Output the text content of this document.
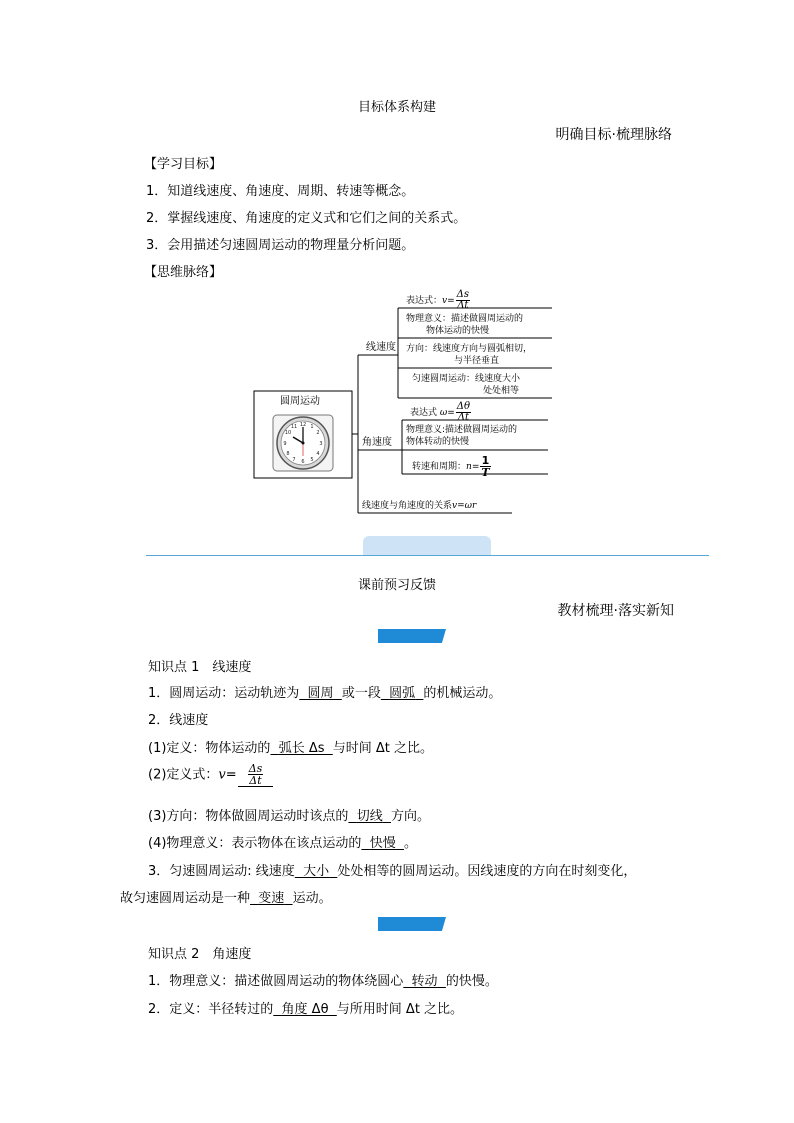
目标体系构建
明确目标·梳理脉络
【学习目标】
1．知道线速度、角速度、周期、转速等概念。
2．掌握线速度、角速度的定义式和它们之间的关系式。
3．会用描述匀速圆周运动的物理量分析问题。
【思维脉络】
12 1
2
3
4
5
6
7
8
9
10
11
圆周运动
线速度
表达式：$v= \frac{\Delta s}{\Delta t}$
物理意义：描述做圆周运动的
物体运动的快慢
方向：线速度方向与圆弧相切，
与半径垂直
匀速圆周运动：线速度大小
处处相等
角速度
表达式 $\omega= \frac{\Delta\theta}{\Delta t}$
物理意义:描述做圆周运动的
物体转动的快慢
转速和周期：$n= \frac{1}{T}$
线速度与角速度的关系v=ωr
课前预习反馈
教材梳理·落实新知
知识点 1　线速度
1．圆周运动：运动轨迹为 圆周 或一段 圆弧 的机械运动。
2．线速度
(1)定义：物体运动的 弧长 Δs 与时间 Δt 之比。
(2)定义式：$v= \frac{\Delta s}{\Delta t}$
(3)方向：物体做圆周运动时该点的 切线 方向。
(4)物理意义：表示物体在该点运动的 快慢 。
3．匀速圆周运动: 线速度 大小 处处相等的圆周运动。因线速度的方向在时刻变化，
故匀速圆周运动是一种 变速 运动。
知识点 2　角速度
1．物理意义：描述做圆周运动的物体绕圆心 转动 的快慢。
2．定义：半径转过的 角度 Δθ 与所用时间 Δt 之比。
